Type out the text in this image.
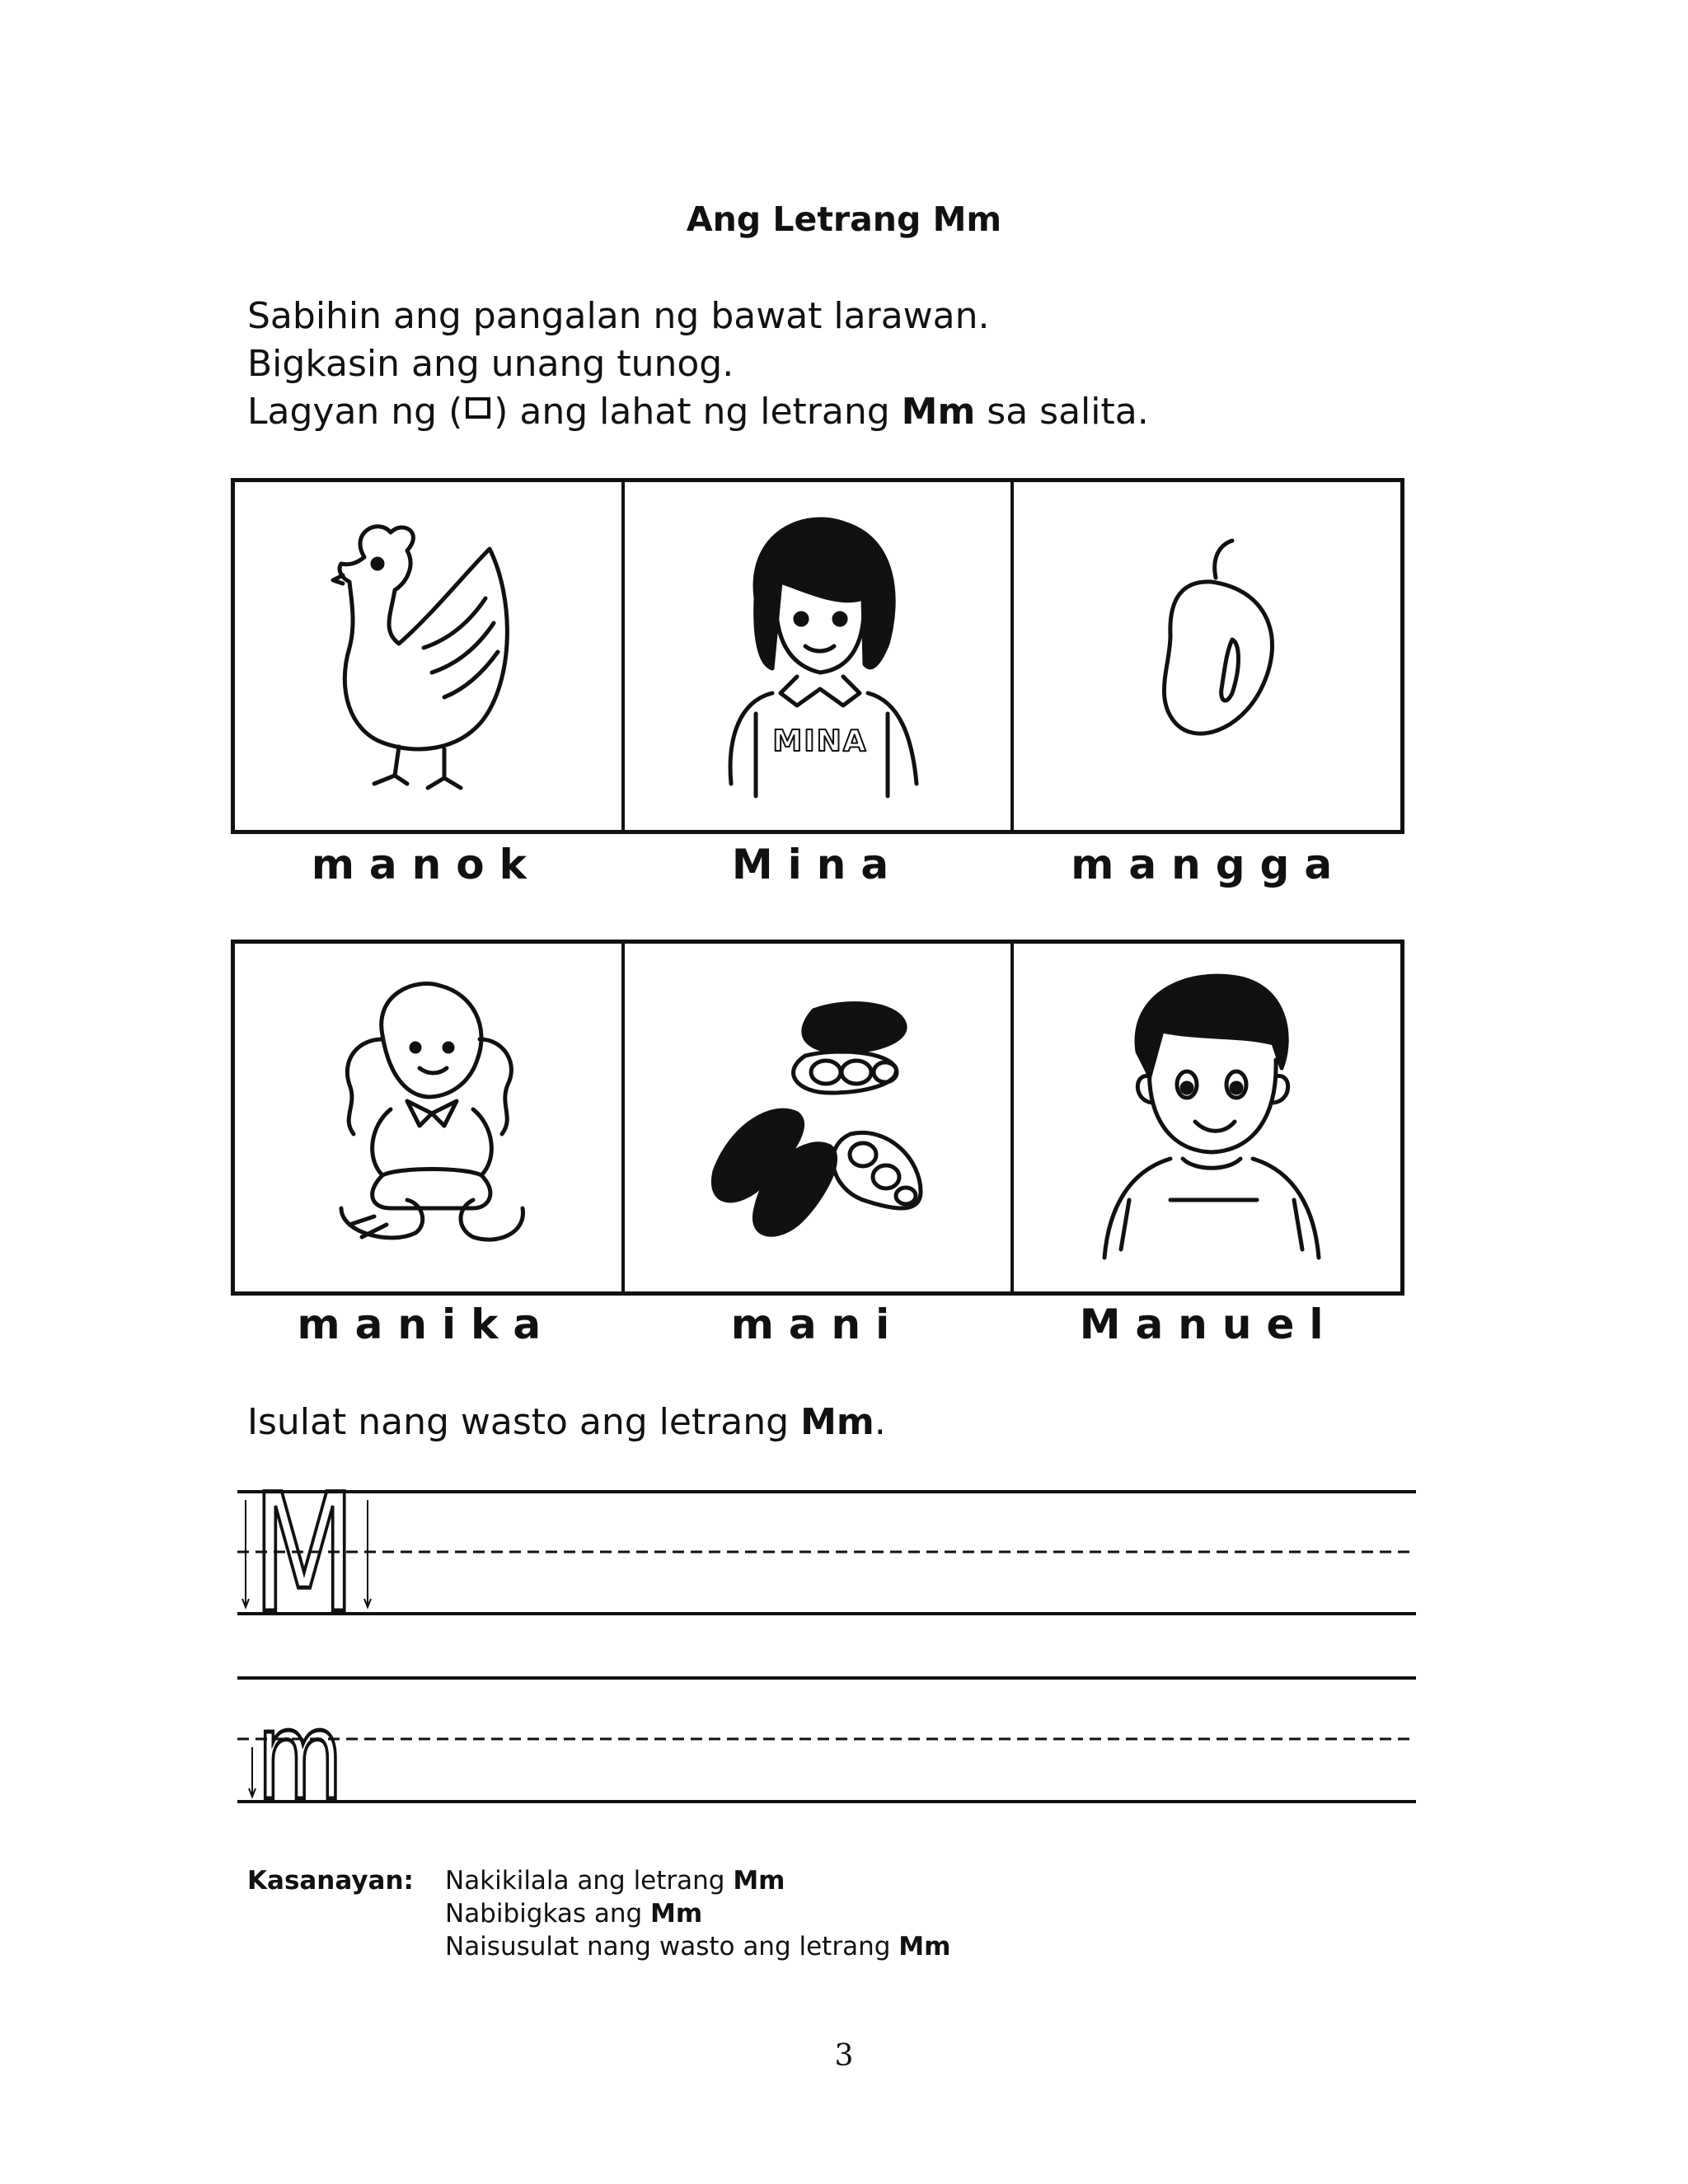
Ang Letrang Mm
Sabihin ang pangalan ng bawat larawan.
Bigkasin ang unang tunog.
Lagyan ng ( ) ang lahat ng letrang Mm sa salita.
MINA
manok	Mina	mangga
manika	mani	Manuel
Isulat nang wasto ang letrang Mm.
M
m
Kasanayan:	Nakikilala ang letrang Mm
Nabibigkas ang Mm
Naisusulat nang wasto ang letrang Mm
3
